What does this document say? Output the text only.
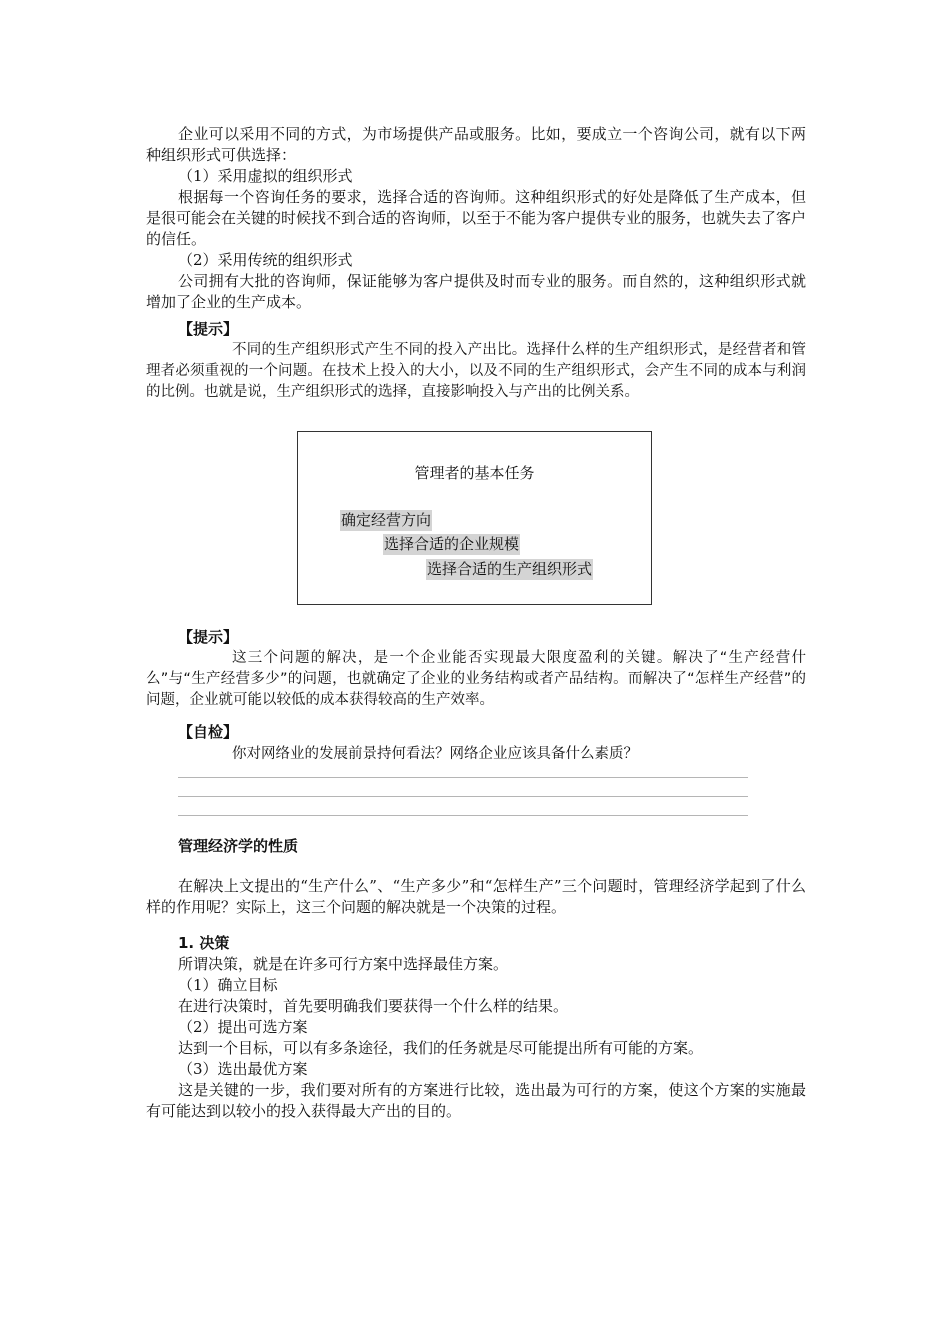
企业可以采用不同的方式，为市场提供产品或服务。比如，要成立一个咨询公司，就有以下两种组织形式可供选择：

（1）采用虚拟的组织形式

根据每一个咨询任务的要求，选择合适的咨询师。这种组织形式的好处是降低了生产成本，但是很可能会在关键的时候找不到合适的咨询师，以至于不能为客户提供专业的服务，也就失去了客户的信任。

（2）采用传统的组织形式

公司拥有大批的咨询师，保证能够为客户提供及时而专业的服务。而自然的，这种组织形式就增加了企业的生产成本。

【提示】

不同的生产组织形式产生不同的投入产出比。选择什么样的生产组织形式，是经营者和管理者必须重视的一个问题。在技术上投入的大小，以及不同的生产组织形式，会产生不同的成本与利润的比例。也就是说，生产组织形式的选择，直接影响投入与产出的比例关系。

管理者的基本任务
确定经营方向
选择合适的企业规模
选择合适的生产组织形式

【提示】

这三个问题的解决，是一个企业能否实现最大限度盈利的关键。解决了“生产经营什么”与“生产经营多少”的问题，也就确定了企业的业务结构或者产品结构。而解决了“怎样生产经营”的问题，企业就可能以较低的成本获得较高的生产效率。

【自检】

你对网络业的发展前景持何看法？网络企业应该具备什么素质？

管理经济学的性质

在解决上文提出的“生产什么”、“生产多少”和“怎样生产”三个问题时，管理经济学起到了什么样的作用呢？实际上，这三个问题的解决就是一个决策的过程。

1. 决策

所谓决策，就是在许多可行方案中选择最佳方案。

（1）确立目标

在进行决策时，首先要明确我们要获得一个什么样的结果。

（2）提出可选方案

达到一个目标，可以有多条途径，我们的任务就是尽可能提出所有可能的方案。

（3）选出最优方案

这是关键的一步，我们要对所有的方案进行比较，选出最为可行的方案，使这个方案的实施最有可能达到以较小的投入获得最大产出的目的。
